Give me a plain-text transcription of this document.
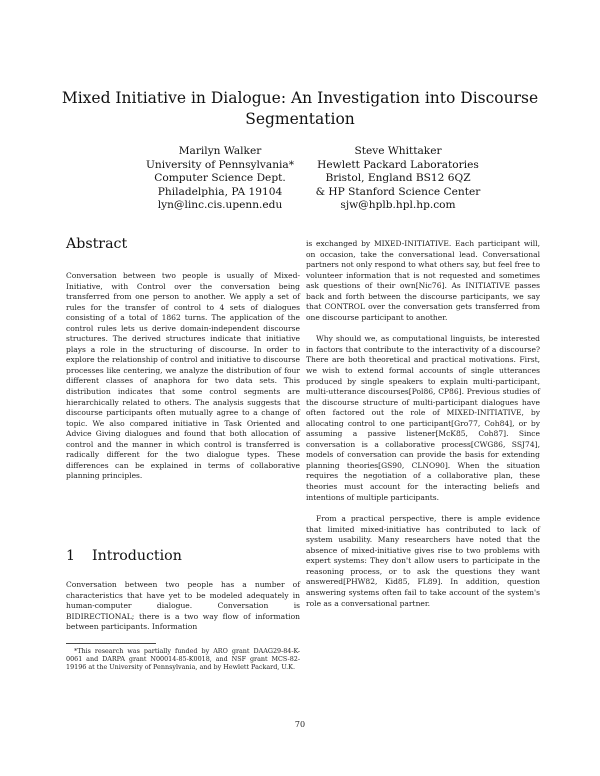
Mixed Initiative in Dialogue: An Investigation into Discourse Segmentation
Marilyn Walker
University of Pennsylvania*
Computer Science Dept.
Philadelphia, PA 19104
lyn@linc.cis.upenn.edu
Steve Whittaker
Hewlett Packard Laboratories
Bristol, England BS12 6QZ
& HP Stanford Science Center
sjw@hplb.hpl.hp.com
Abstract

Conversation between two people is usually of Mixed-Initiative, with Control over the conversation being transferred from one person to another. We apply a set of rules for the transfer of control to 4 sets of dialogues consisting of a total of 1862 turns. The application of the control rules lets us derive domain-independent discourse structures. The derived structures indicate that initiative plays a role in the structuring of discourse. In order to explore the relationship of control and initiative to discourse processes like centering, we analyze the distribution of four different classes of anaphora for two data sets. This distribution indicates that some control segments are hierarchically related to others. The analysis suggests that discourse participants often mutually agree to a change of topic. We also compared initiative in Task Oriented and Advice Giving dialogues and found that both allocation of control and the manner in which control is transferred is radically different for the two dialogue types. These differences can be explained in terms of collaborative planning principles.

1 Introduction

Conversation between two people has a number of characteristics that have yet to be modeled adequately in human-computer dialogue. Conversation is BIDIRECTIONAL; there is a two way flow of information between participants. Information

*This research was partially funded by ARO grant DAAG29-84-K-0061 and DARPA grant N00014-85-K0018, and NSF grant MCS-82-19196 at the University of Pennsylvania, and by Hewlett Packard, U.K.

is exchanged by MIXED-INITIATIVE. Each participant will, on occasion, take the conversational lead. Conversational partners not only respond to what others say, but feel free to volunteer information that is not requested and sometimes ask questions of their own[Nic76]. As INITIATIVE passes back and forth between the discourse participants, we say that CONTROL over the conversation gets transferred from one discourse participant to another.

Why should we, as computational linguists, be interested in factors that contribute to the interactivity of a discourse? There are both theoretical and practical motivations. First, we wish to extend formal accounts of single utterances produced by single speakers to explain multi-participant, multi-utterance discourses[Pol86, CP86]. Previous studies of the discourse structure of multi-participant dialogues have often factored out the role of MIXED-INITIATIVE, by allocating control to one participant[Gro77, Coh84], or by assuming a passive listener[McK85, Coh87]. Since conversation is a collaborative process[CWG86, SSJ74], models of conversation can provide the basis for extending planning theories[GS90, CLNO90]. When the situation requires the negotiation of a collaborative plan, these theories must account for the interacting beliefs and intentions of multiple participants.

From a practical perspective, there is ample evidence that limited mixed-initiative has contributed to lack of system usability. Many researchers have noted that the absence of mixed-initiative gives rise to two problems with expert systems: They don't allow users to participate in the reasoning process, or to ask the questions they want answered[PHW82, Kid85, FL89]. In addition, question answering systems often fail to take account of the system's role as a conversational partner.

70
